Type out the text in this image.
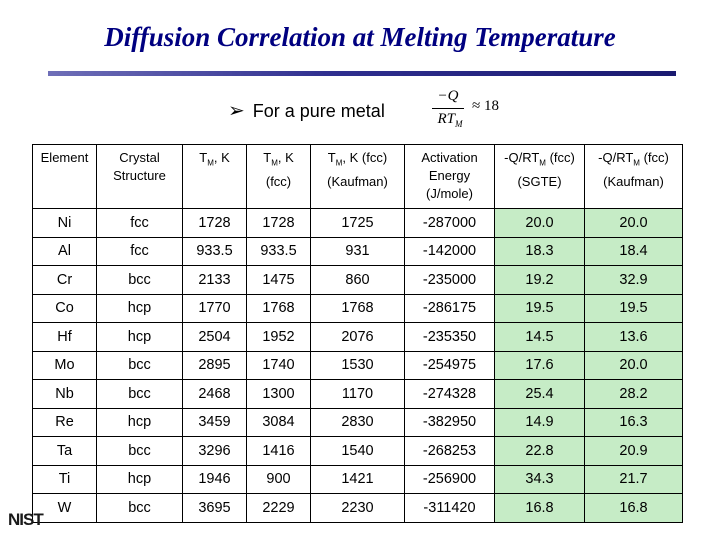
Diffusion Correlation at Melting Temperature
➢ For a pure metal
−Q
$RT_M$
≈ 18
Element	Crystal Structure	$T_M$, K	$T_M$, K (fcc)	$T_M$, K (fcc) (Kaufman)	Activation Energy (J/mole)	$-Q/RT_M$ (fcc) (SGTE)	$-Q/RT_M$ (fcc) (Kaufman)
Ni	fcc	1728	1728	1725	-287000	20.0	20.0
Al	fcc	933.5	933.5	931	-142000	18.3	18.4
Cr	bcc	2133	1475	860	-235000	19.2	32.9
Co	hcp	1770	1768	1768	-286175	19.5	19.5
Hf	hcp	2504	1952	2076	-235350	14.5	13.6
Mo	bcc	2895	1740	1530	-254975	17.6	20.0
Nb	bcc	2468	1300	1170	-274328	25.4	28.2
Re	hcp	3459	3084	2830	-382950	14.9	16.3
Ta	bcc	3296	1416	1540	-268253	22.8	20.9
Ti	hcp	1946	900	1421	-256900	34.3	21.7
W	bcc	3695	2229	2230	-311420	16.8	16.8
NIST
